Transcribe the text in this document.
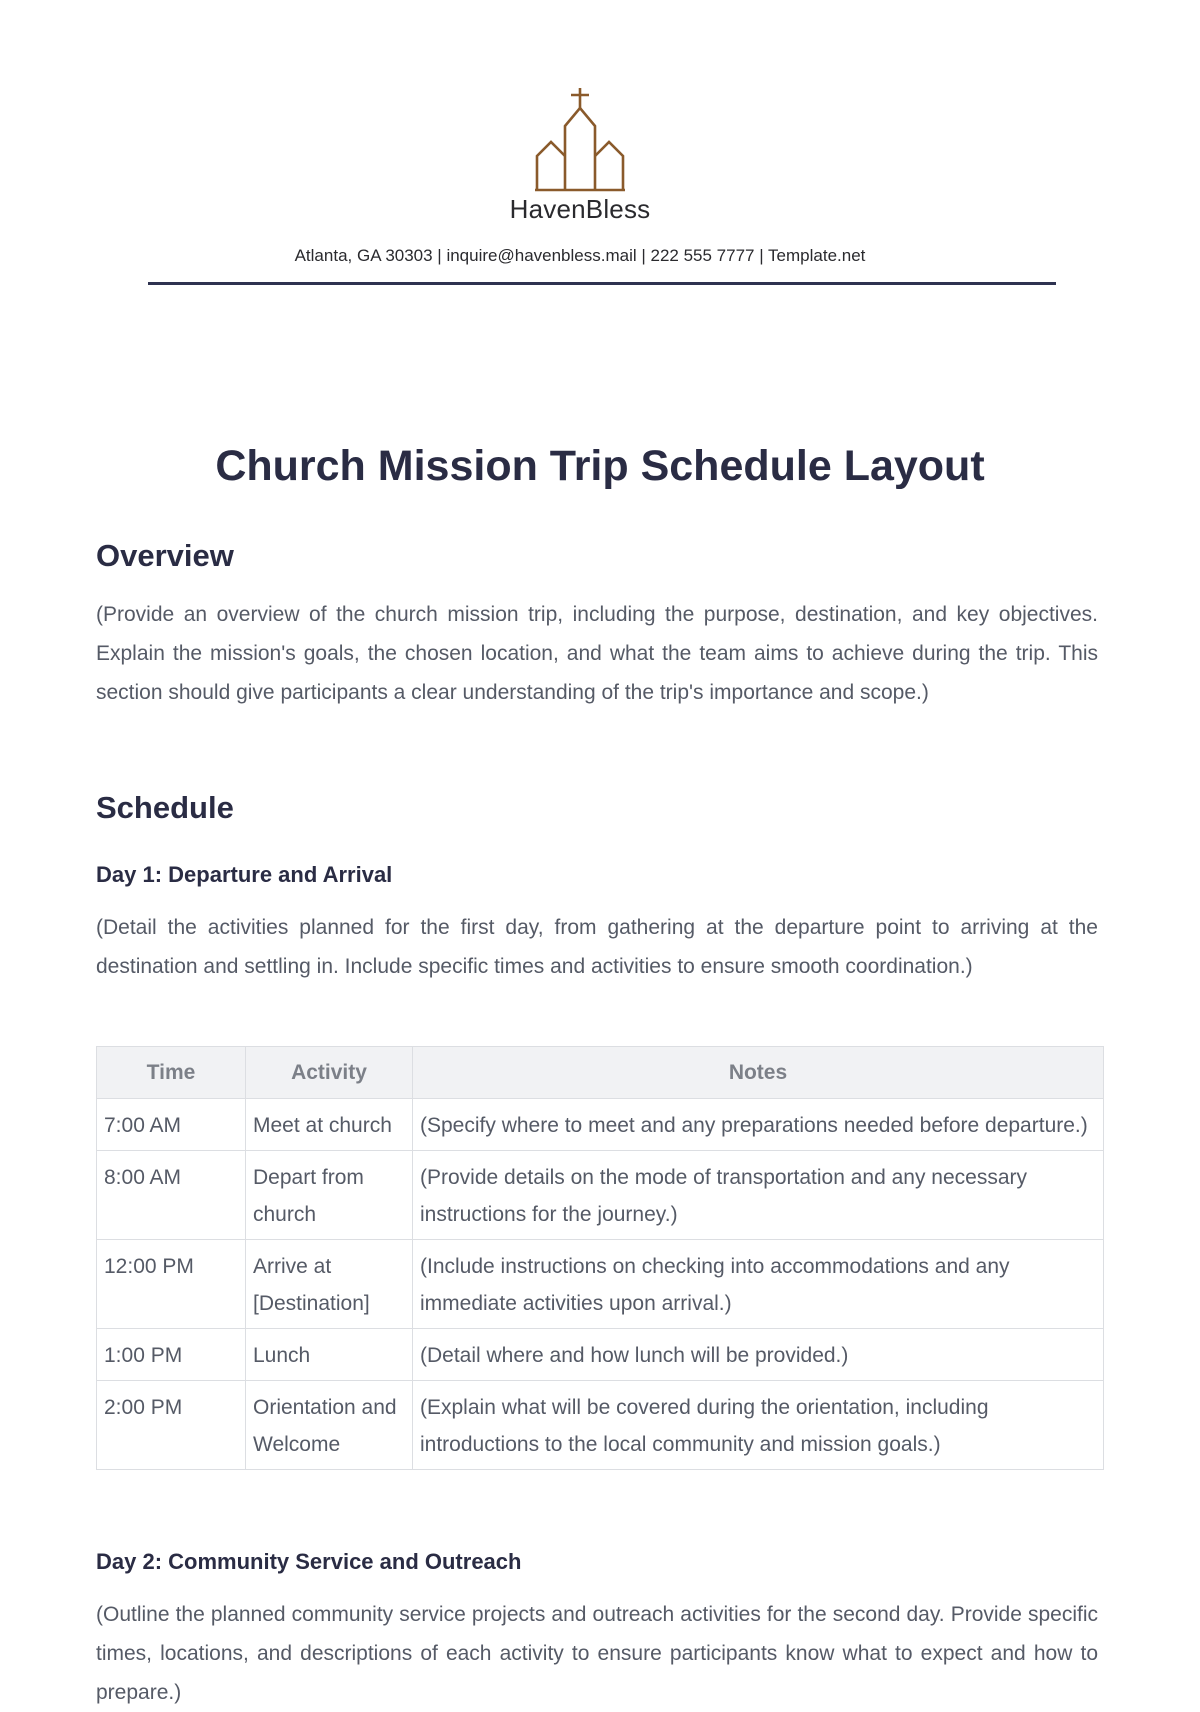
HavenBless
Atlanta, GA 30303 | inquire@havenbless.mail | 222 555 7777 | Template.net
Church Mission Trip Schedule Layout
Overview

(Provide an overview of the church mission trip, including the purpose, destination, and key objectives. Explain the mission's goals, the chosen location, and what the team aims to achieve during the trip. This section should give participants a clear understanding of the trip's importance and scope.)

Schedule
Day 1: Departure and Arrival

(Detail the activities planned for the first day, from gathering at the departure point to arriving at the destination and settling in. Include specific times and activities to ensure smooth coordination.)

Time	Activity	Notes
7:00 AM	Meet at church	(Specify where to meet and any preparations needed before departure.)
8:00 AM	Depart from church	(Provide details on the mode of transportation and any necessary instructions for the journey.)
12:00 PM	Arrive at [Destination]	(Include instructions on checking into accommodations and any immediate activities upon arrival.)
1:00 PM	Lunch	(Detail where and how lunch will be provided.)
2:00 PM	Orientation and Welcome	(Explain what will be covered during the orientation, including introductions to the local community and mission goals.)
Day 2: Community Service and Outreach

(Outline the planned community service projects and outreach activities for the second day. Provide specific times, locations, and descriptions of each activity to ensure participants know what to expect and how to prepare.)
